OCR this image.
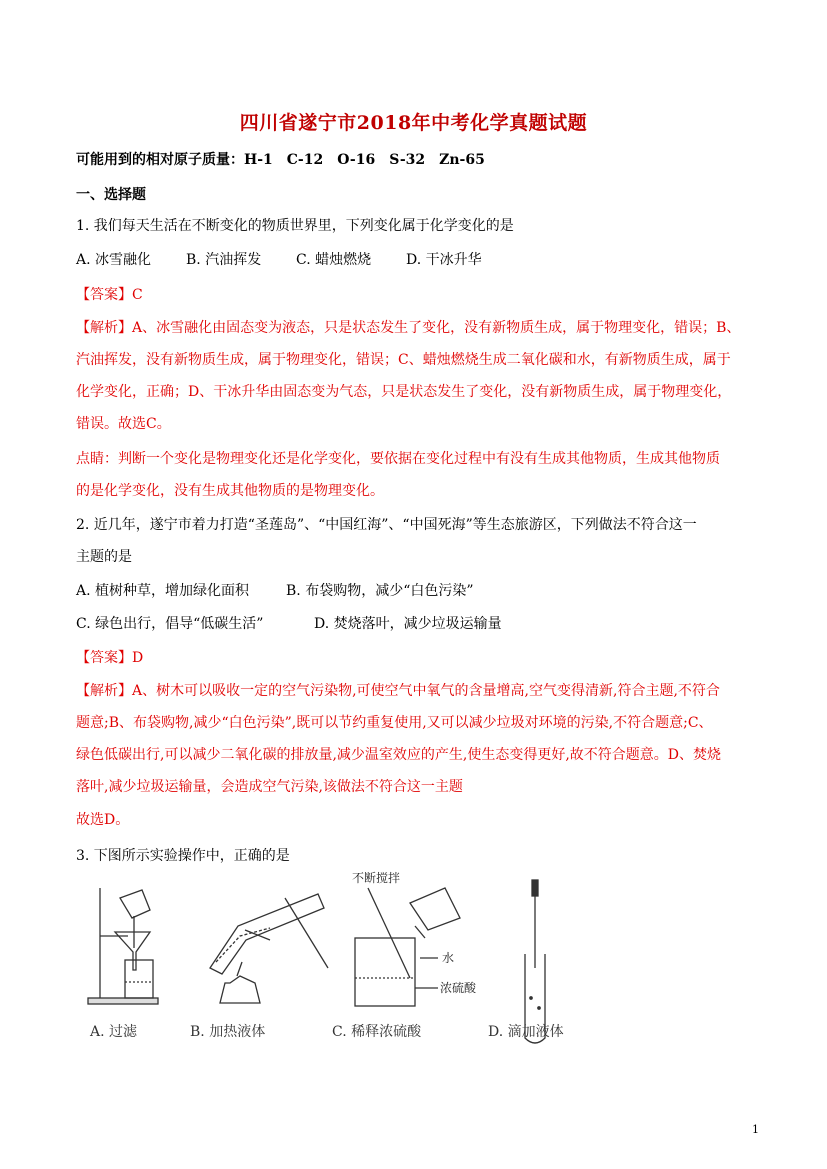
四川省遂宁市2018年中考化学真题试题
可能用到的相对原子质量：H-1　C-12　O-16　S-32　Zn-65
一、选择题
1. 我们每天生活在不断变化的物质世界里，下列变化属于化学变化的是
A. 冰雪融化 B. 汽油挥发 C. 蜡烛燃烧 D. 干冰升华
【答案】C
【解析】A、冰雪融化由固态变为液态，只是状态发生了变化，没有新物质生成，属于物理变化，错误；B、
汽油挥发，没有新物质生成，属于物理变化，错误；C、蜡烛燃烧生成二氧化碳和水，有新物质生成，属于
化学变化，正确；D、干冰升华由固态变为气态，只是状态发生了变化，没有新物质生成，属于物理变化，
错误。故选C。
点睛：判断一个变化是物理变化还是化学变化，要依据在变化过程中有没有生成其他物质，生成其他物质
的是化学变化，没有生成其他物质的是物理变化。
2. 近几年，遂宁市着力打造“圣莲岛”、“中国红海”、“中国死海”等生态旅游区，下列做法不符合这一
主题的是
A. 植树种草，增加绿化面积	B. 布袋购物，减少“白色污染”
C. 绿色出行，倡导“低碳生活”	D. 焚烧落叶，减少垃圾运输量
【答案】D
【解析】A、树木可以吸收一定的空气污染物,可使空气中氧气的含量增高,空气变得清新,符合主题,不符合
题意;B、布袋购物,减少“白色污染”,既可以节约重复使用,又可以减少垃圾对环境的污染,不符合题意;C、
绿色低碳出行,可以减少二氧化碳的排放量,减少温室效应的产生,使生态变得更好,故不符合题意。D、焚烧
落叶,减少垃圾运输量，会造成空气污染,该做法不符合这一主题
故选D。
3. 下图所示实验操作中，正确的是
不断搅拌
水
浓硫酸
A. 过滤	B. 加热液体	C. 稀释浓硫酸	D. 滴加液体
1
